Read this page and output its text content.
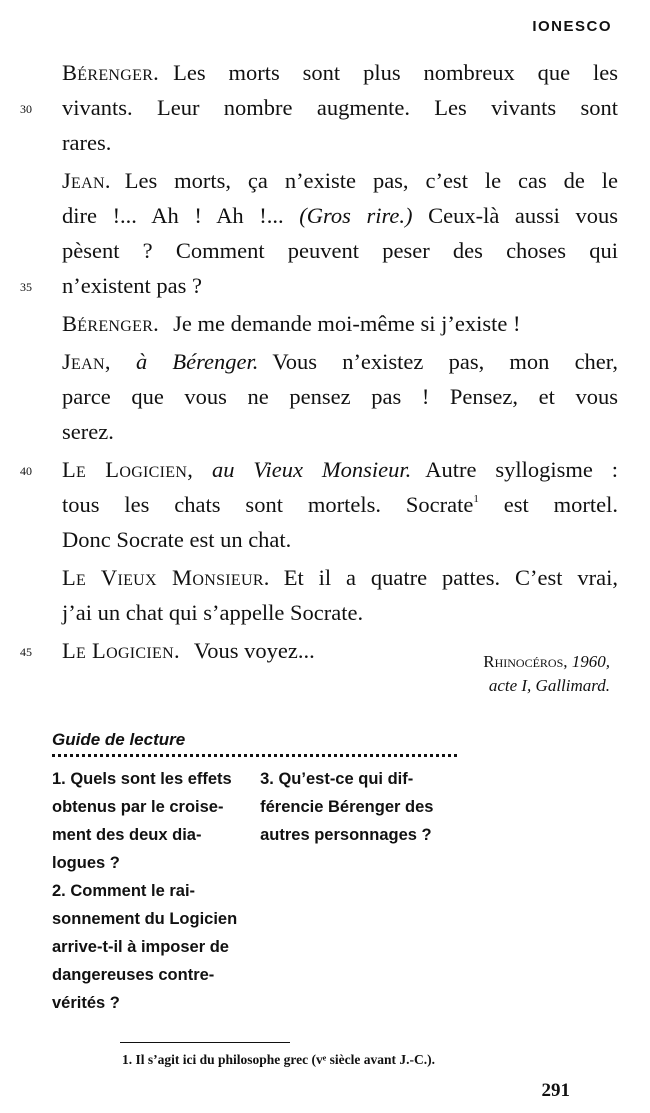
IONESCO
Bérenger. Les morts sont plus nombreux que les
30	vivants. Leur nombre augmente. Les vivants sont
rares.
Jean. Les morts, ça n’existe pas, c’est le cas de le
dire !... Ah ! Ah !... (Gros rire.) Ceux-là aussi vous
pèsent ? Comment peuvent peser des choses qui
35	n’existent pas ?
Bérenger. Je me demande moi-même si j’existe !
Jean, à Bérenger. Vous n’existez pas, mon cher,
parce que vous ne pensez pas ! Pensez, et vous
serez.
40	Le Logicien, au Vieux Monsieur. Autre syllogisme :
tous les chats sont mortels. Socrate$^1$ est mortel.
Donc Socrate est un chat.
Le Vieux Monsieur. Et il a quatre pattes. C’est vrai,
j’ai un chat qui s’appelle Socrate.
45	Le Logicien. Vous voyez...	Rhinocéros, 1960,
acte I, Gallimard.
Guide de lecture
1. Quels sont les effets
obtenus par le croise-
ment des deux dia-
logues ?
2. Comment le rai-
sonnement du Logicien
arrive-t-il à imposer de
dangereuses contre-
vérités ?
3. Qu’est-ce qui dif-
férencie Bérenger des
autres personnages ?
1. Il s’agit ici du philosophe grec (vᵉ siècle avant J.-C.).
291
